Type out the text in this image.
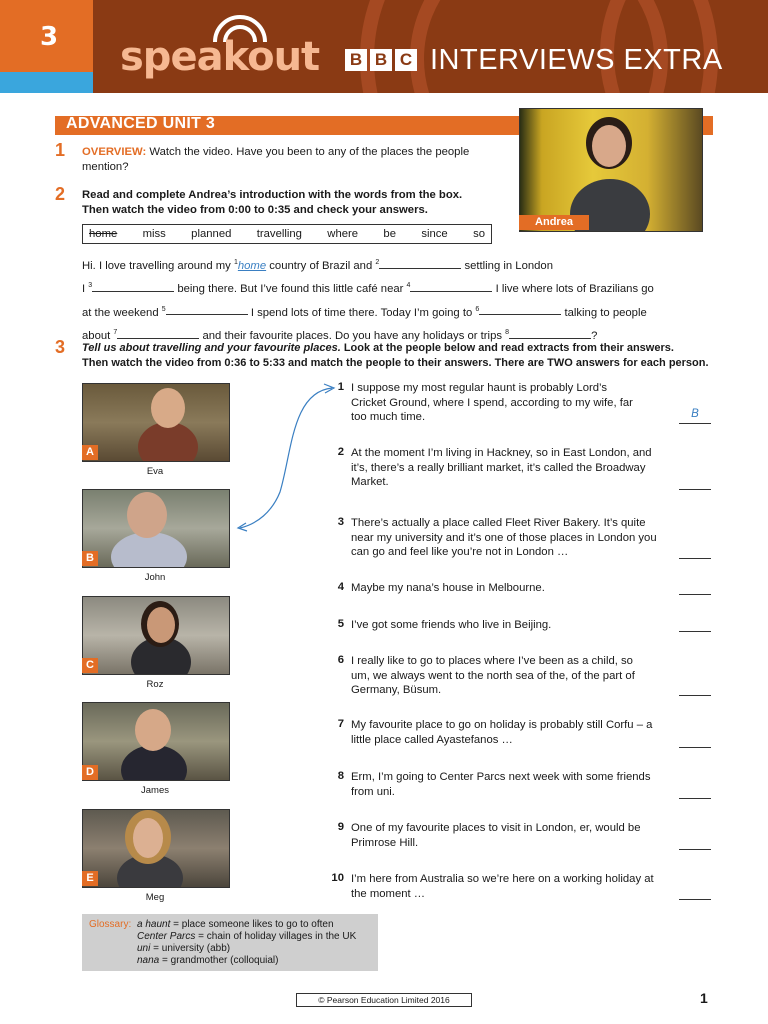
3	speakout B B C INTERVIEWS EXTRA
ADVANCED UNIT 3
Andrea
1 OVERVIEW: Watch the video. Have you been to any of the places the people
mention?
2 Read and complete Andrea’s introduction with the words from the box.
Then watch the video from 0:00 to 0:35 and check your answers.
home miss planned travelling where be since so
Hi. I love travelling around my $^1$home country of Brazil and $^2$	settling in London
I $^3$	being there. But I’ve found this little café near $^4$	I live where lots of Brazilians go
at the weekend $^5$	I spend lots of time there. Today I’m going to $^6$	talking to people
about $^7$	and their favourite places. Do you have any holidays or trips $^8$	?
3 Tell us about travelling and your favourite places. Look at the people below and read extracts from their answers.
Then watch the video from 0:36 to 5:33 and match the people to their answers. There are TWO answers for each person.
A
Eva
B
John
C
Roz
D
James
E
Meg
1 I suppose my most regular haunt is probably Lord’s Cricket Ground, where I spend, according to my wife, far too much time.	B
2 At the moment I’m living in Hackney, so in East London, and it’s, there’s a really brilliant market, it’s called the Broadway Market.
3 There’s actually a place called Fleet River Bakery. It’s quite near my university and it’s one of those places in London you can go and feel like you’re not in London …
4 Maybe my nana’s house in Melbourne.
5 I’ve got some friends who live in Beijing.
6 I really like to go to places where I’ve been as a child, so um, we always went to the north sea of the, of the part of Germany, Büsum.
7 My favourite place to go on holiday is probably still Corfu – a little place called Ayastefanos …
8 Erm, I’m going to Center Parcs next week with some friends from uni.
9 One of my favourite places to visit in London, er, would be Primrose Hill.
10 I’m here from Australia so we’re here on a working holiday at the moment …
Glossary: a haunt = place someone likes to go to often
Center Parcs = chain of holiday villages in the UK
uni = university (abb)
nana = grandmother (colloquial)
© Pearson Education Limited 2016	1
